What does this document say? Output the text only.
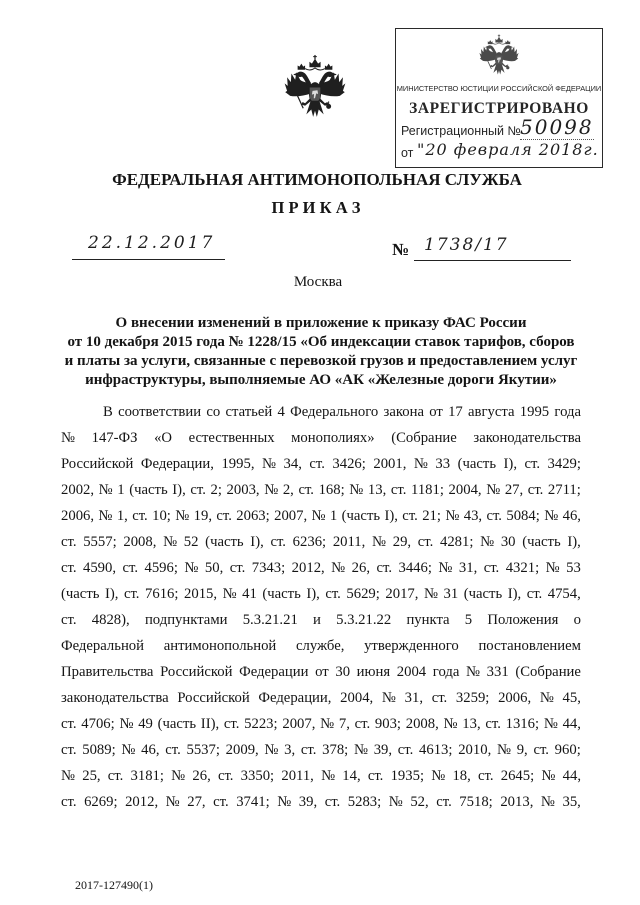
МИНИСТЕРСТВО ЮСТИЦИИ РОССИЙСКОЙ ФЕДЕРАЦИИ
ЗАРЕГИСТРИРОВАНО
Регистрационный № 50098
от "20 февраля 2018г.
ФЕДЕРАЛЬНАЯ АНТИМОНОПОЛЬНАЯ СЛУЖБА
П Р И К А З
22.12.2017	№ 1738/17
Москва
О внесении изменений в приложение к приказу ФАС России
от 10 декабря 2015 года № 1228/15 «Об индексации ставок тарифов, сборов
и платы за услуги, связанные с перевозкой грузов и предоставлением услуг
инфраструктуры, выполняемые АО «АК «Железные дороги Якутии»
В соответствии со статьей 4 Федерального закона от 17 августа 1995 года
№ 147-ФЗ «О естественных монополиях» (Собрание законодательства
Российской Федерации, 1995, № 34, ст. 3426; 2001, № 33 (часть I), ст. 3429;
2002, № 1 (часть I), ст. 2; 2003, № 2, ст. 168; № 13, ст. 1181; 2004, № 27, ст. 2711;
2006, № 1, ст. 10; № 19, ст. 2063; 2007, № 1 (часть I), ст. 21; № 43, ст. 5084; № 46,
ст. 5557; 2008, № 52 (часть I), ст. 6236; 2011, № 29, ст. 4281; № 30 (часть I),
ст. 4590, ст. 4596; № 50, ст. 7343; 2012, № 26, ст. 3446; № 31, ст. 4321; № 53
(часть I), ст. 7616; 2015, № 41 (часть I), ст. 5629; 2017, № 31 (часть I), ст. 4754,
ст. 4828), подпунктами 5.3.21.21 и 5.3.21.22 пункта 5 Положения о
Федеральной антимонопольной службе, утвержденного постановлением
Правительства Российской Федерации от 30 июня 2004 года № 331 (Собрание
законодательства Российской Федерации, 2004, № 31, ст. 3259; 2006, № 45,
ст. 4706; № 49 (часть II), ст. 5223; 2007, № 7, ст. 903; 2008, № 13, ст. 1316; № 44,
ст. 5089; № 46, ст. 5537; 2009, № 3, ст. 378; № 39, ст. 4613; 2010, № 9, ст. 960;
№ 25, ст. 3181; № 26, ст. 3350; 2011, № 14, ст. 1935; № 18, ст. 2645; № 44,
ст. 6269; 2012, № 27, ст. 3741; № 39, ст. 5283; № 52, ст. 7518; 2013, № 35,
2017-127490(1)
